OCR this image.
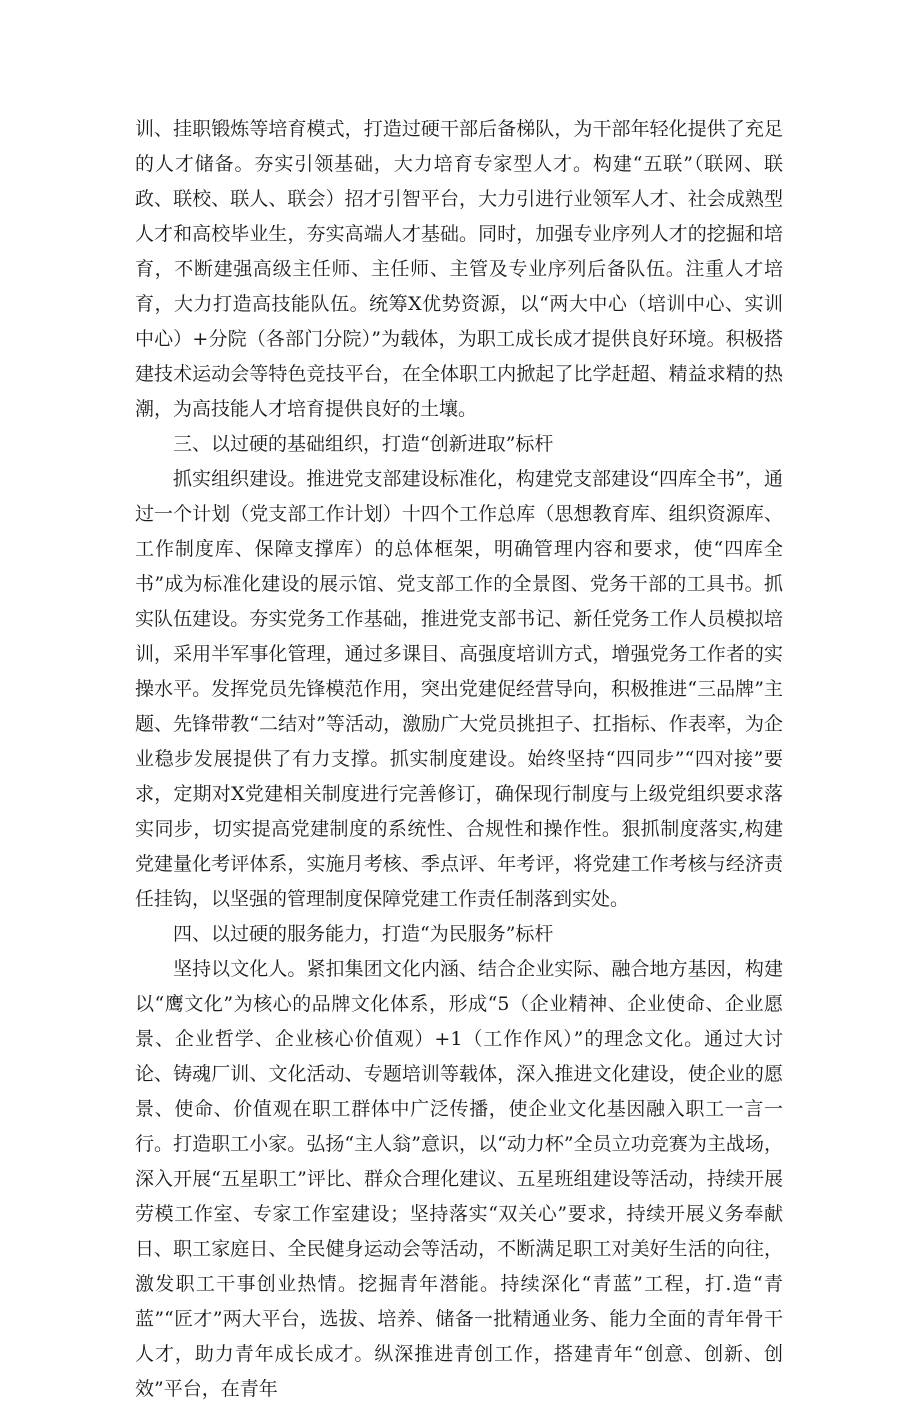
训、挂职锻炼等培育模式，打造过硬干部后备梯队，为干部年轻化提供了充足的人才储备。夯实引领基础，大力培育专家型人才。构建“五联”（联网、联政、联校、联人、联会）招才引智平台，大力引进行业领军人才、社会成熟型人才和高校毕业生，夯实高端人才基础。同时，加强专业序列人才的挖掘和培育，不断建强高级主任师、主任师、主管及专业序列后备队伍。注重人才培育，大力打造高技能队伍。统筹X优势资源，以“两大中心（培训中心、实训中心）+分院（各部门分院）”为载体，为职工成长成才提供良好环境。积极搭建技术运动会等特色竞技平台，在全体职工内掀起了比学赶超、精益求精的热潮，为高技能人才培育提供良好的土壤。

三、以过硬的基础组织，打造“创新进取”标杆

抓实组织建设。推进党支部建设标准化，构建党支部建设“四库全书”，通过一个计划（党支部工作计划）十四个工作总库（思想教育库、组织资源库、工作制度库、保障支撑库）的总体框架，明确管理内容和要求，使“四库全书”成为标准化建设的展示馆、党支部工作的全景图、党务干部的工具书。抓实队伍建设。夯实党务工作基础，推进党支部书记、新任党务工作人员模拟培训，采用半军事化管理，通过多课目、高强度培训方式，增强党务工作者的实操水平。发挥党员先锋模范作用，突出党建促经营导向，积极推进“三品牌”主题、先锋带教“二结对”等活动，激励广大党员挑担子、扛指标、作表率，为企业稳步发展提供了有力支撑。抓实制度建设。始终坚持“四同步”“四对接”要求，定期对X党建相关制度进行完善修订，确保现行制度与上级党组织要求落实同步，切实提高党建制度的系统性、合规性和操作性。狠抓制度落实,构建党建量化考评体系，实施月考核、季点评、年考评，将党建工作考核与经济责任挂钩，以坚强的管理制度保障党建工作责任制落到实处。

四、以过硬的服务能力，打造“为民服务”标杆

坚持以文化人。紧扣集团文化内涵、结合企业实际、融合地方基因，构建以“鹰文化”为核心的品牌文化体系，形成“5（企业精神、企业使命、企业愿景、企业哲学、企业核心价值观）+1（工作作风）”的理念文化。通过大讨论、铸魂厂训、文化活动、专题培训等载体，深入推进文化建设，使企业的愿景、使命、价值观在职工群体中广泛传播，使企业文化基因融入职工一言一行。打造职工小家。弘扬“主人翁”意识，以“动力杯”全员立功竞赛为主战场，深入开展“五星职工”评比、群众合理化建议、五星班组建设等活动，持续开展劳模工作室、专家工作室建设；坚持落实“双关心”要求，持续开展义务奉献日、职工家庭日、全民健身运动会等活动，不断满足职工对美好生活的向往，激发职工干事创业热情。挖掘青年潜能。持续深化“青蓝”工程，打.造“青蓝”“匠才”两大平台，选拔、培养、储备一批精通业务、能力全面的青年骨干人才，助力青年成长成才。纵深推进青创工作，搭建青年“创意、创新、创效”平台，在青年
